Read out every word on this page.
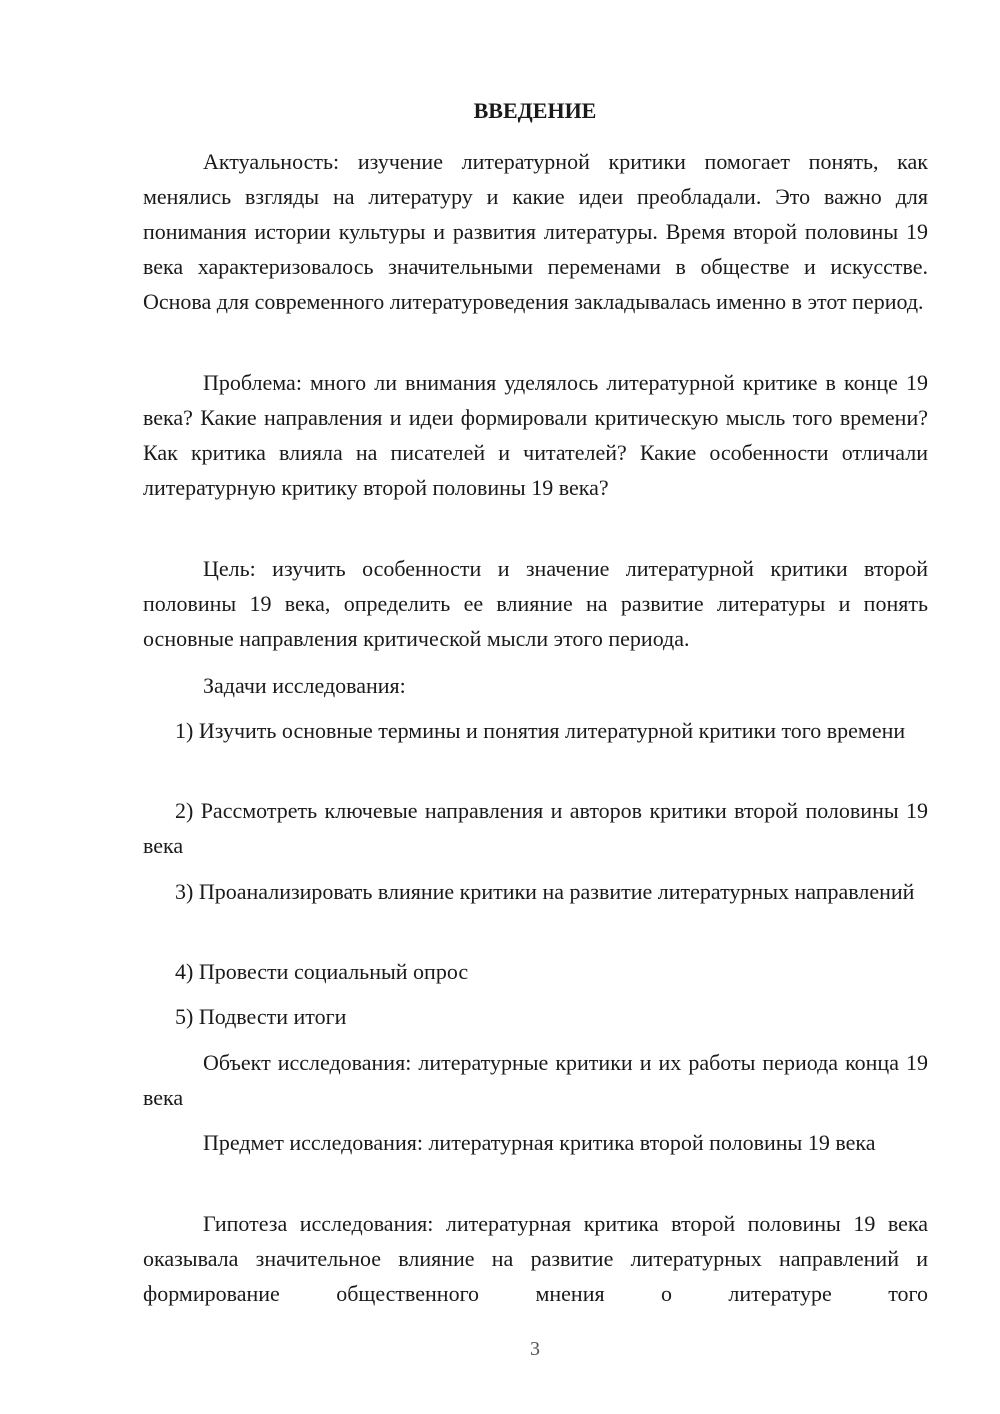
ВВЕДЕНИЕ

Актуальность: изучение литературной критики помогает понять, как менялись взгляды на литературу и какие идеи преобладали. Это важно для понимания истории культуры и развития литературы. Время второй половины 19 века характеризовалось значительными переменами в обществе и искусстве. Основа для современного литературоведения закладывалась именно в этот период.

Проблема: много ли внимания уделялось литературной критике в конце 19 века? Какие направления и идеи формировали критическую мысль того времени? Как критика влияла на писателей и читателей? Какие особенности отличали литературную критику второй половины 19 века?

Цель: изучить особенности и значение литературной критики второй половины 19 века, определить ее влияние на развитие литературы и понять основные направления критической мысли этого периода.

Задачи исследования:

1) Изучить основные термины и понятия литературной критики того времени

2) Рассмотреть ключевые направления и авторов критики второй половины 19 века

3) Проанализировать влияние критики на развитие литературных направлений

4) Провести социальный опрос

5) Подвести итоги

Объект исследования: литературные критики и их работы периода конца 19 века

Предмет исследования: литературная критика второй половины 19 века

Гипотеза исследования: литературная критика второй половины 19 века оказывала значительное влияние на развитие литературных направлений и формирование общественного мнения о литературе того

3
